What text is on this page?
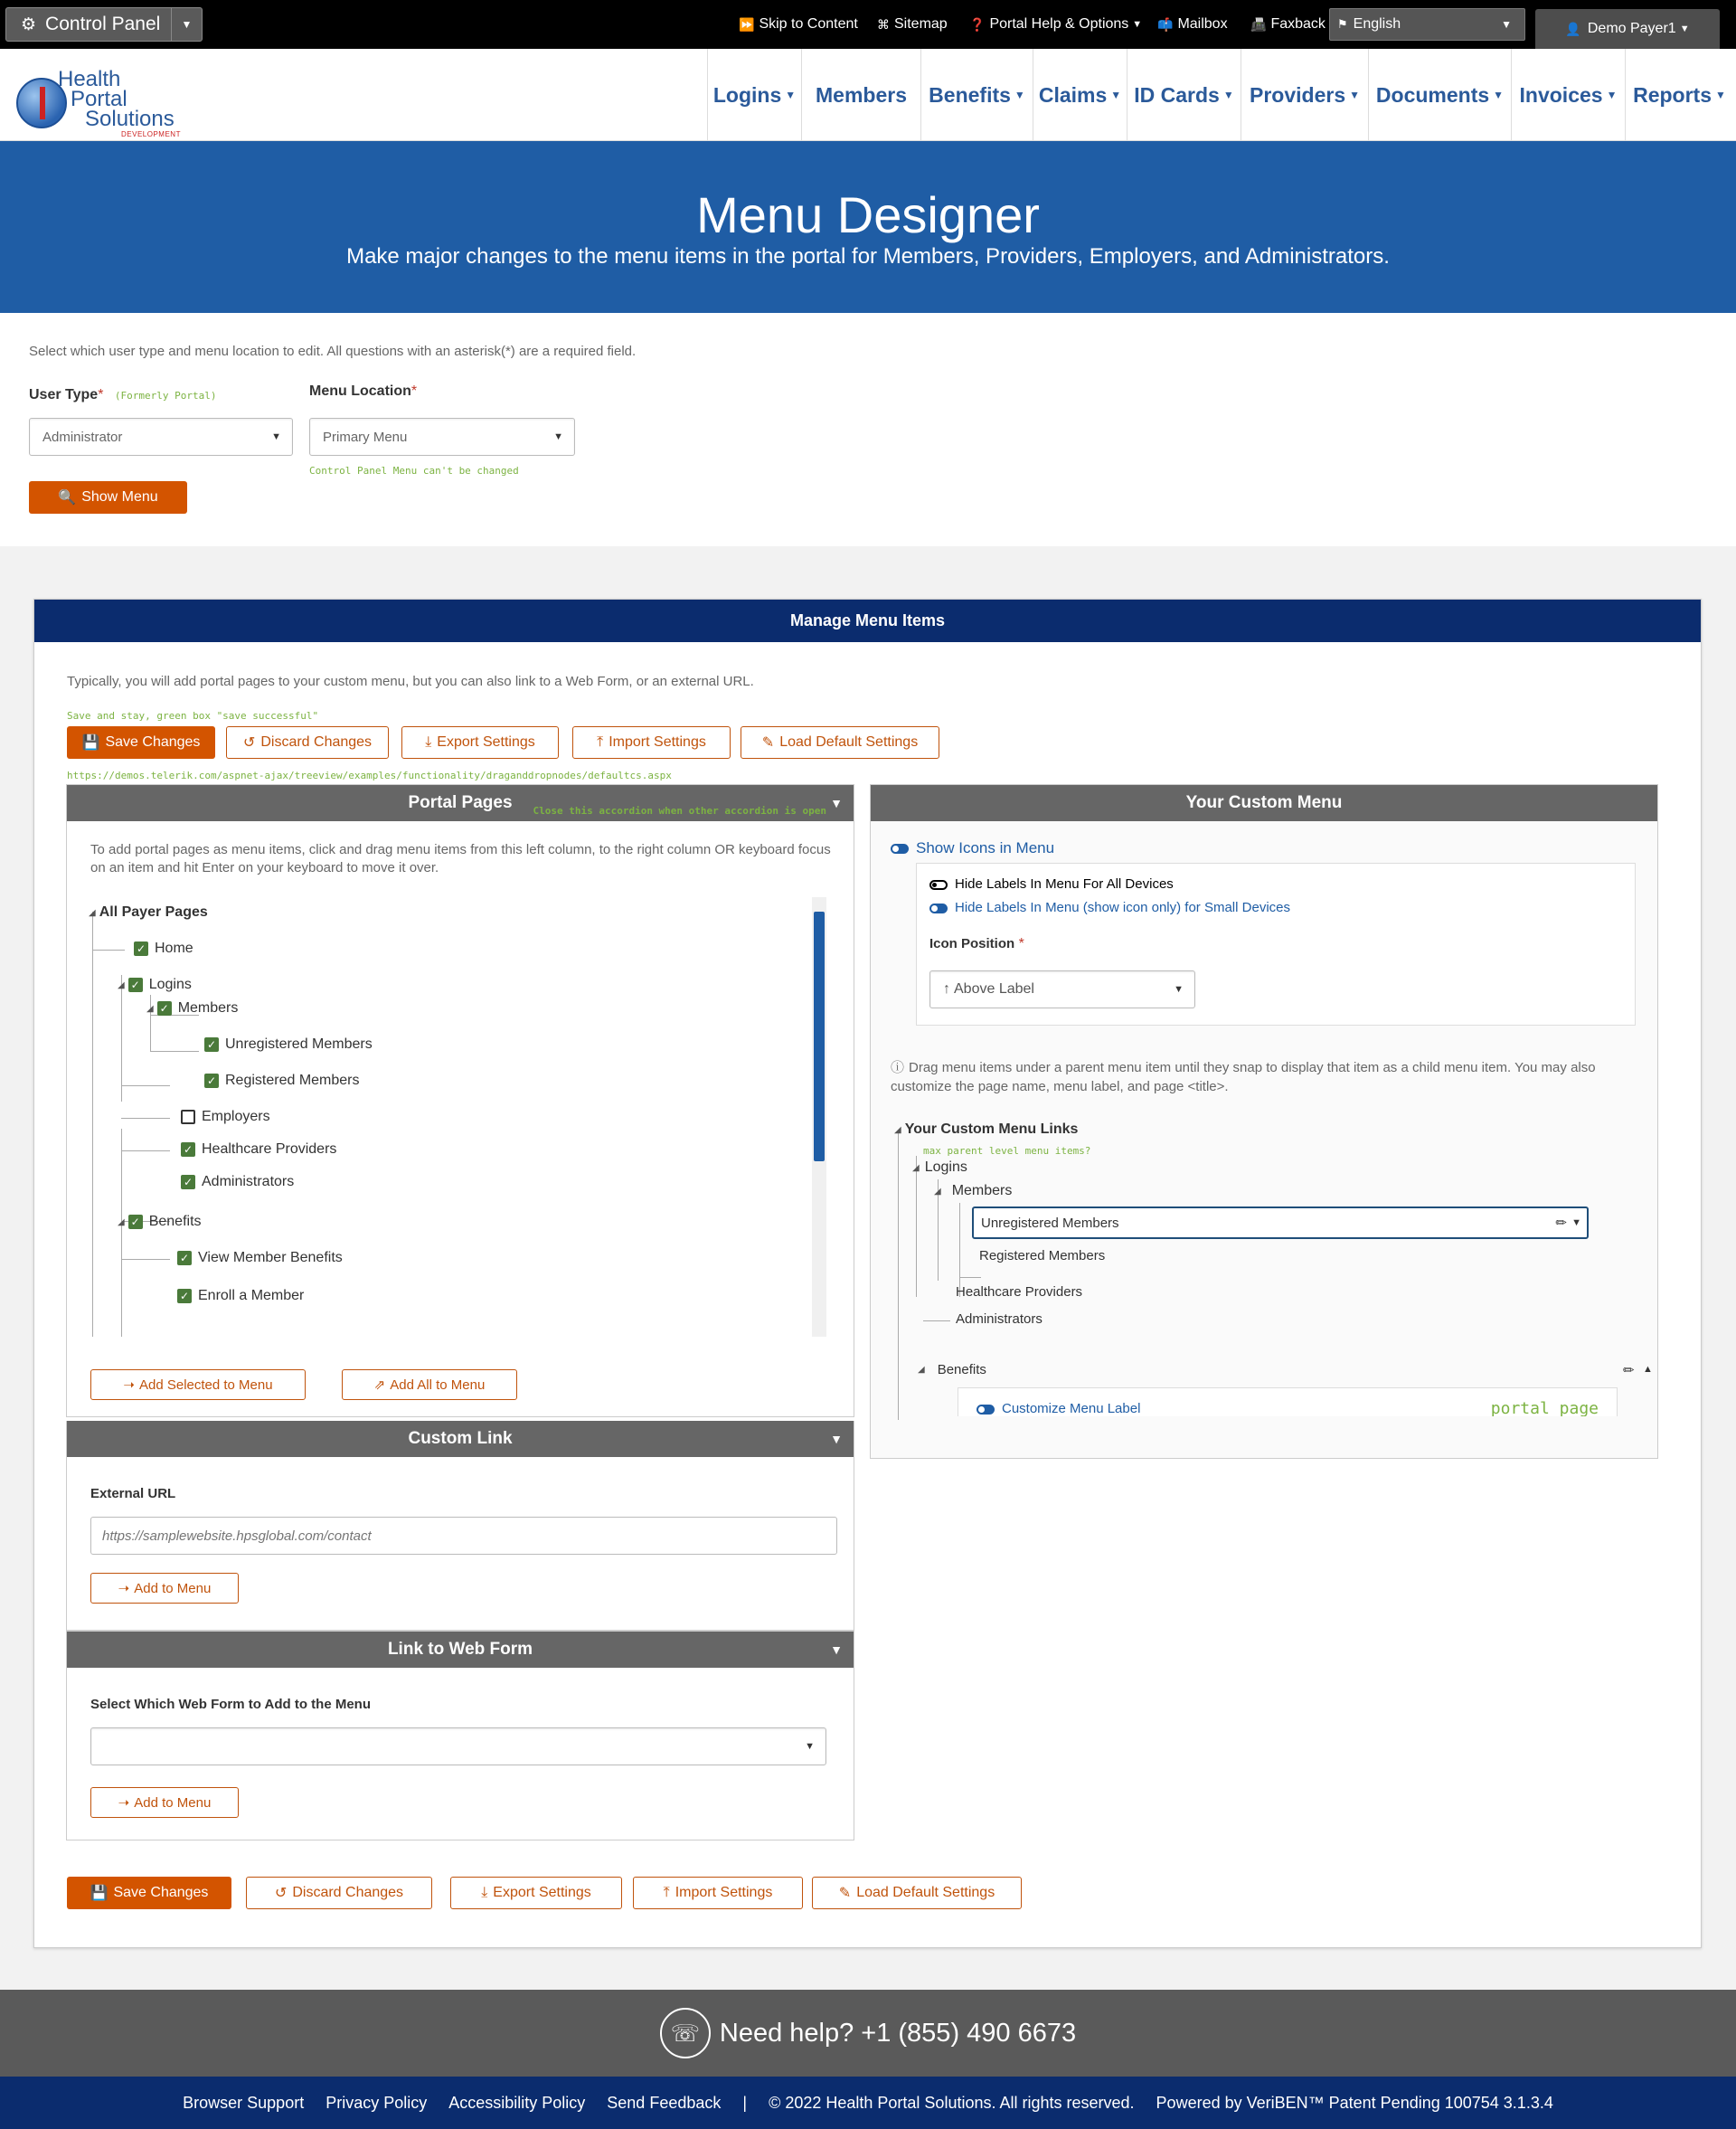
⚙ Control Panel	▼	⏩ Skip to Content ⌘ Sitemap ❓ Portal Help & Options ▼ 📫 Mailbox 📠 Faxback ⚑ English	▼	👤 Demo Payer1 ▼
Health
Portal
Solutions
DEVELOPMENT
Logins ▼ Members Benefits ▼ Claims ▼ ID Cards ▼ Providers ▼ Documents ▼ Invoices ▼ Reports ▼
Menu Designer

Make major changes to the menu items in the portal for Members, Providers, Employers, and Administrators.

Select which user type and menu location to edit. All questions with an asterisk(*) are a required field.
User Type* (Formerly Portal)
Administrator	▼
Menu Location*
Primary Menu	▼
Control Panel Menu can't be changed
🔍 Show Menu
Manage Menu Items
Typically, you will add portal pages to your custom menu, but you can also link to a Web Form, or an external URL.
Save and stay, green box "save successful"
💾 Save Changes	↺ Discard Changes	⤓ Export Settings	⤒ Import Settings	✎ Load Default Settings
https://demos.telerik.com/aspnet-ajax/treeview/examples/functionality/draganddropnodes/defaultcs.aspx
Portal Pages Close this accordion when other accordion is open
▼
To add portal pages as menu items, click and drag menu items from this left column, to the right column OR keyboard focus on an item and hit Enter on your keyboard to move it over.
◢ All Payer Pages
✓ Home
◢ ✓ Logins
◢ ✓ Members
✓ Unregistered Members
✓ Registered Members
Employers
✓ Healthcare Providers
✓ Administrators
◢ ✓ Benefits
✓ View Member Benefits
✓ Enroll a Member
➝ Add Selected to Menu	⇗ Add All to Menu
Custom Link	▼
External URL
https://samplewebsite.hpsglobal.com/contact
➝ Add to Menu
Link to Web Form	▼
Select Which Web Form to Add to the Menu
▼
➝ Add to Menu
Your Custom Menu
Show Icons in Menu
Hide Labels In Menu For All Devices
Hide Labels In Menu (show icon only) for Small Devices
Icon Position *
↑ Above Label	▼
ⓘ Drag menu items under a parent menu item until they snap to display that item as a child menu item. You may also customize the page name, menu label, and page <title>.
◢ Your Custom Menu Links
max parent level menu items?
◢ Logins
◢ Members
Unregistered Members	✏ ▼
Registered Members
Healthcare Providers
Administrators
◢ Benefits	✏ ▲
Customize Menu Label	portal page
💾 Save Changes	↺ Discard Changes	⤓ Export Settings	⤒ Import Settings	✎ Load Default Settings
☏ Need help? +1 (855) 490 6673
Browser Support Privacy Policy Accessibility Policy Send Feedback | © 2022 Health Portal Solutions. All rights reserved. Powered by VeriBEN™ Patent Pending 100754 3.1.3.4
